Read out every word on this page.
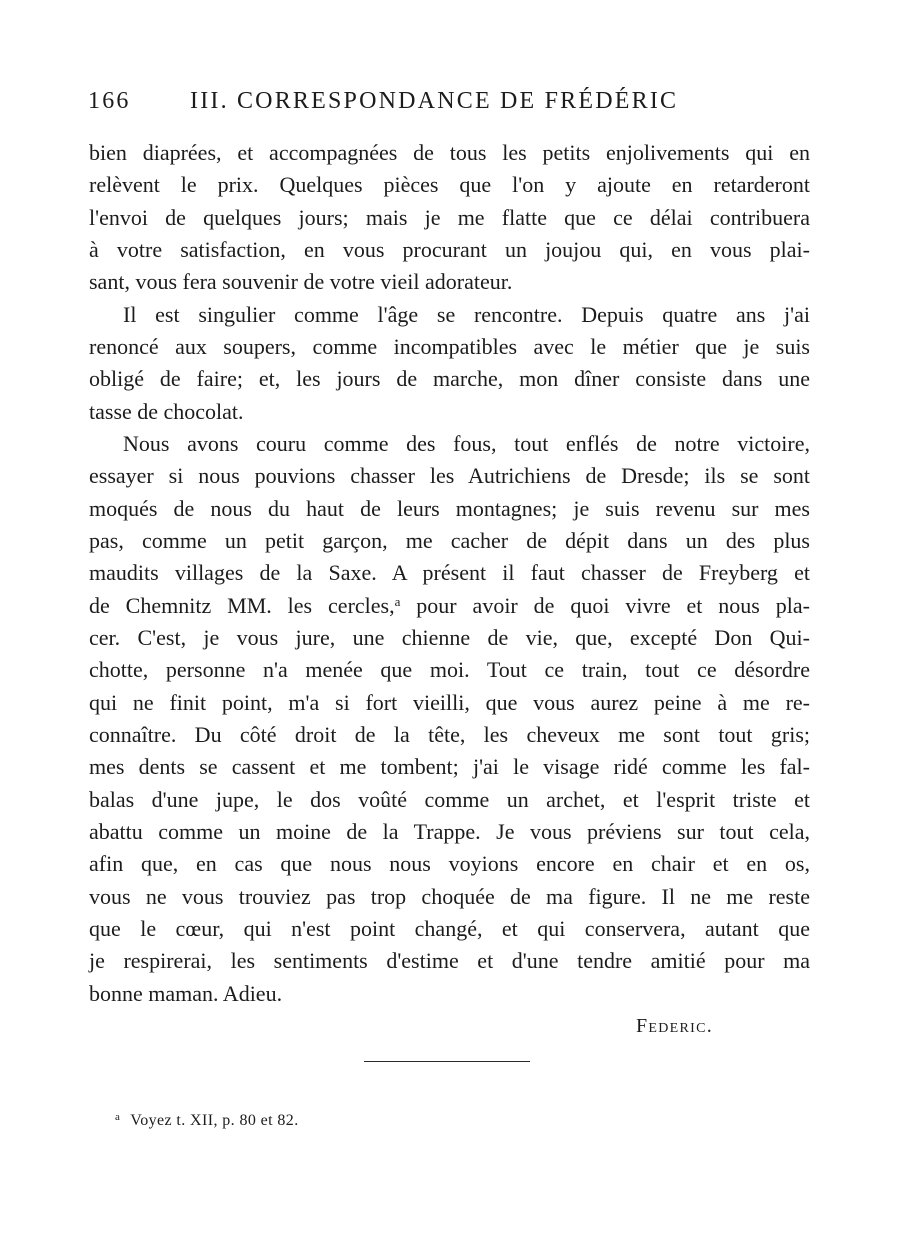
166 III. CORRESPONDANCE DE FRÉDÉRIC
bien diaprées, et accompagnées de tous les petits enjolivements qui en
relèvent le prix. Quelques pièces que l'on y ajoute en retarderont
l'envoi de quelques jours; mais je me flatte que ce délai contribuera
à votre satisfaction, en vous procurant un joujou qui, en vous plai-
sant, vous fera souvenir de votre vieil adorateur.
Il est singulier comme l'âge se rencontre. Depuis quatre ans j'ai
renoncé aux soupers, comme incompatibles avec le métier que je suis
obligé de faire; et, les jours de marche, mon dîner consiste dans une
tasse de chocolat.
Nous avons couru comme des fous, tout enflés de notre victoire,
essayer si nous pouvions chasser les Autrichiens de Dresde; ils se sont
moqués de nous du haut de leurs montagnes; je suis revenu sur mes
pas, comme un petit garçon, me cacher de dépit dans un des plus
maudits villages de la Saxe. A présent il faut chasser de Freyberg et
de Chemnitz MM. les cercles,$^a$ pour avoir de quoi vivre et nous pla-
cer. C'est, je vous jure, une chienne de vie, que, excepté Don Qui-
chotte, personne n'a menée que moi. Tout ce train, tout ce désordre
qui ne finit point, m'a si fort vieilli, que vous aurez peine à me re-
connaître. Du côté droit de la tête, les cheveux me sont tout gris;
mes dents se cassent et me tombent; j'ai le visage ridé comme les fal-
balas d'une jupe, le dos voûté comme un archet, et l'esprit triste et
abattu comme un moine de la Trappe. Je vous préviens sur tout cela,
afin que, en cas que nous nous voyions encore en chair et en os,
vous ne vous trouviez pas trop choquée de ma figure. Il ne me reste
que le cœur, qui n'est point changé, et qui conservera, autant que
je respirerai, les sentiments d'estime et d'une tendre amitié pour ma
bonne maman. Adieu.
Federic.
$^a$ Voyez t. XII, p. 80 et 82.
